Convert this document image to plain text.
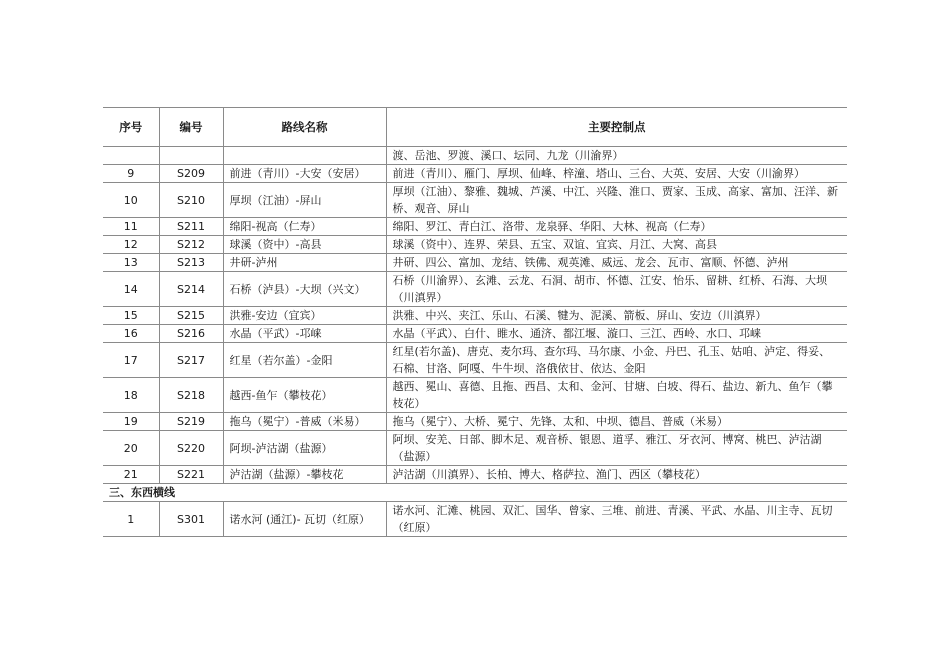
序号	编号	路线名称	主要控制点
			渡、岳池、罗渡、溪口、坛同、九龙（川渝界）
9	S209	前进（青川）-大安（安居）	前进（青川）、雁门、厚坝、仙峰、梓潼、塔山、三台、大英、安居、大安（川渝界）
10	S210	厚坝（江油）-屏山	厚坝（江油）、黎雅、魏城、芦溪、中江、兴隆、淮口、贾家、玉成、高家、富加、汪洋、新桥、观音、屏山
11	S211	绵阳-视高（仁寿）	绵阳、罗江、青白江、洛带、龙泉驿、华阳、大林、视高（仁寿）
12	S212	球溪（资中）-高县	球溪（资中）、连界、荣县、五宝、双谊、宜宾、月江、大窝、高县
13	S213	井研-泸州	井研、四公、富加、龙结、铁佛、观英滩、威远、龙会、瓦市、富顺、怀德、泸州
14	S214	石桥（泸县）-大坝（兴文）	石桥（川渝界）、玄滩、云龙、石洞、胡市、怀德、江安、怡乐、留耕、红桥、石海、大坝（川滇界）
15	S215	洪雅-安边（宜宾）	洪雅、中兴、夹江、乐山、石溪、犍为、泥溪、箭板、屏山、安边（川滇界）
16	S216	水晶（平武）-邛崃	水晶（平武）、白什、睢水、通济、都江堰、漩口、三江、西岭、水口、邛崃
17	S217	红星（若尔盖）-金阳	红星(若尔盖)、唐克、麦尔玛、查尔玛、马尔康、小金、丹巴、孔玉、姑咱、泸定、得妥、石棉、甘洛、阿嘎、牛牛坝、洛俄依甘、依达、金阳
18	S218	越西-鱼乍（攀枝花）	越西、冕山、喜德、且拖、西昌、太和、金河、甘塘、白坡、得石、盐边、新九、鱼乍（攀枝花）
19	S219	拖乌（冕宁）-普威（米易）	拖乌（冕宁）、大桥、冕宁、先锋、太和、中坝、德昌、普威（米易）
20	S220	阿坝-泸沽湖（盐源）	阿坝、安羌、日部、脚木足、观音桥、银恩、道孚、雅江、牙衣河、博窝、桃巴、泸沽湖（盐源）
21	S221	泸沽湖（盐源）-攀枝花	泸沽湖（川滇界）、长柏、博大、格萨拉、渔门、西区（攀枝花）
三、东西横线			
1	S301	诺水河 (通江)- 瓦切（红原）	诺水河、汇滩、桃园、双汇、国华、曾家、三堆、前进、青溪、平武、水晶、川主寺、瓦切（红原）
